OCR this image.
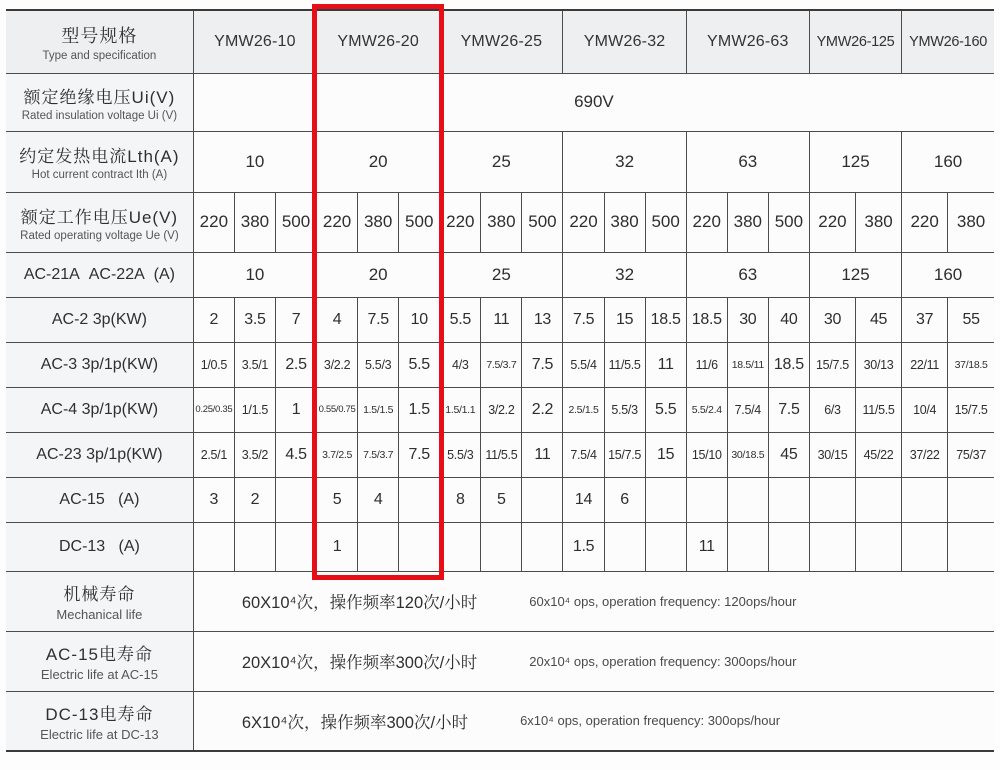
型号规格
Type and specification	YMW26-10			YMW26-20			YMW26-25			YMW26-32			YMW26-63			YMW26-125		YMW26-160	

额定绝缘电压Ui(V)
Rated insulation voltage Ui (V)	690V																		

约定发热电流Lth(A)
Hot current contract Ith (A)	10			20			25			32			63			125		160	

额定工作电压Ue(V)
Rated operating voltage Ue (V)	220	380	500	220	380	500	220	380	500	220	380	500	220	380	500	220	380	220	380
AC-21A  AC-22A  (A)	10			20			25			32			63			125		160	
AC-2 3p(KW)	2	3.5	7	4	7.5	10	5.5	11	13	7.5	15	18.5	18.5	30	40	30	45	37	55
AC-3 3p/1p(KW)	1/0.5	3.5/1	2.5	3/2.2	5.5/3	5.5	4/3	7.5/3.7	7.5	5.5/4	11/5.5	11	11/6	18.5/11	18.5	15/7.5	30/13	22/11	37/18.5
AC-4 3p/1p(KW)	0.25/0.35	1/1.5	1	0.55/0.75	1.5/1.5	1.5	1.5/1.1	3/2.2	2.2	2.5/1.5	5.5/3	5.5	5.5/2.4	7.5/4	7.5	6/3	11/5.5	10/4	15/7.5
AC-23 3p/1p(KW)	2.5/1	3.5/2	4.5	3.7/2.5	7.5/3.7	7.5	5.5/3	11/5.5	11	7.5/4	15/7.5	15	15/10	30/18.5	45	30/15	45/22	37/22	75/37
AC-15   (A)	3	2		5	4		8	5		14	6								
DC-13   (A)				1						1.5			11						

机械寿命
Mechanical life	60X10⁴次，操作频率120次/小时 60x10⁴ ops, operation frequency: 120ops/hour																		

AC-15电寿命
Electric life at AC-15	20X10⁴次，操作频率300次/小时 20x10⁴ ops, operation frequency: 300ops/hour																		

DC-13电寿命
Electric life at DC-13	6X10⁴次，操作频率300次/小时 6x10⁴ ops, operation frequency: 300ops/hour																		
